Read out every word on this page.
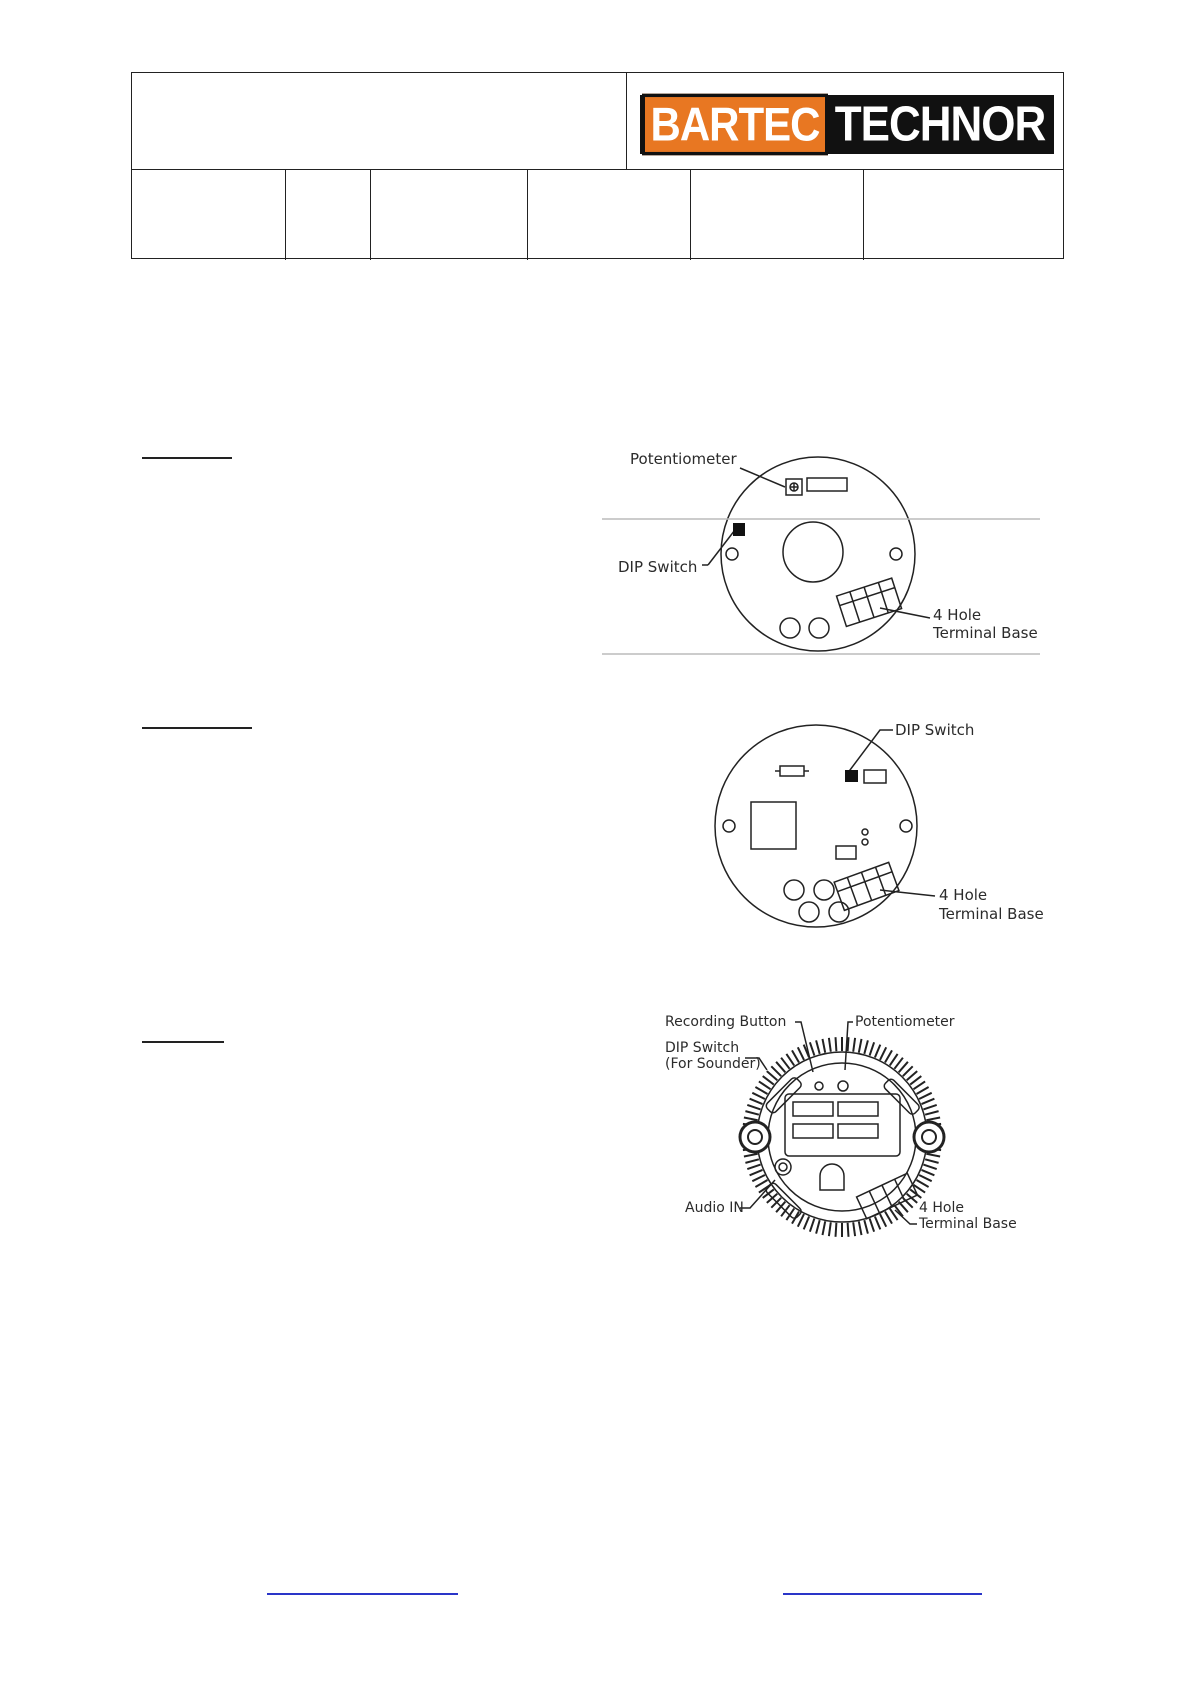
BARTEC TECHNOR
Potentiometer
DIP Switch
4 Hole
Terminal Base
DIP Switch
4 Hole
Terminal Base
Recording Button	Potentiometer
DIP Switch
(For Sounder)
Audio IN	4 Hole
Terminal Base
